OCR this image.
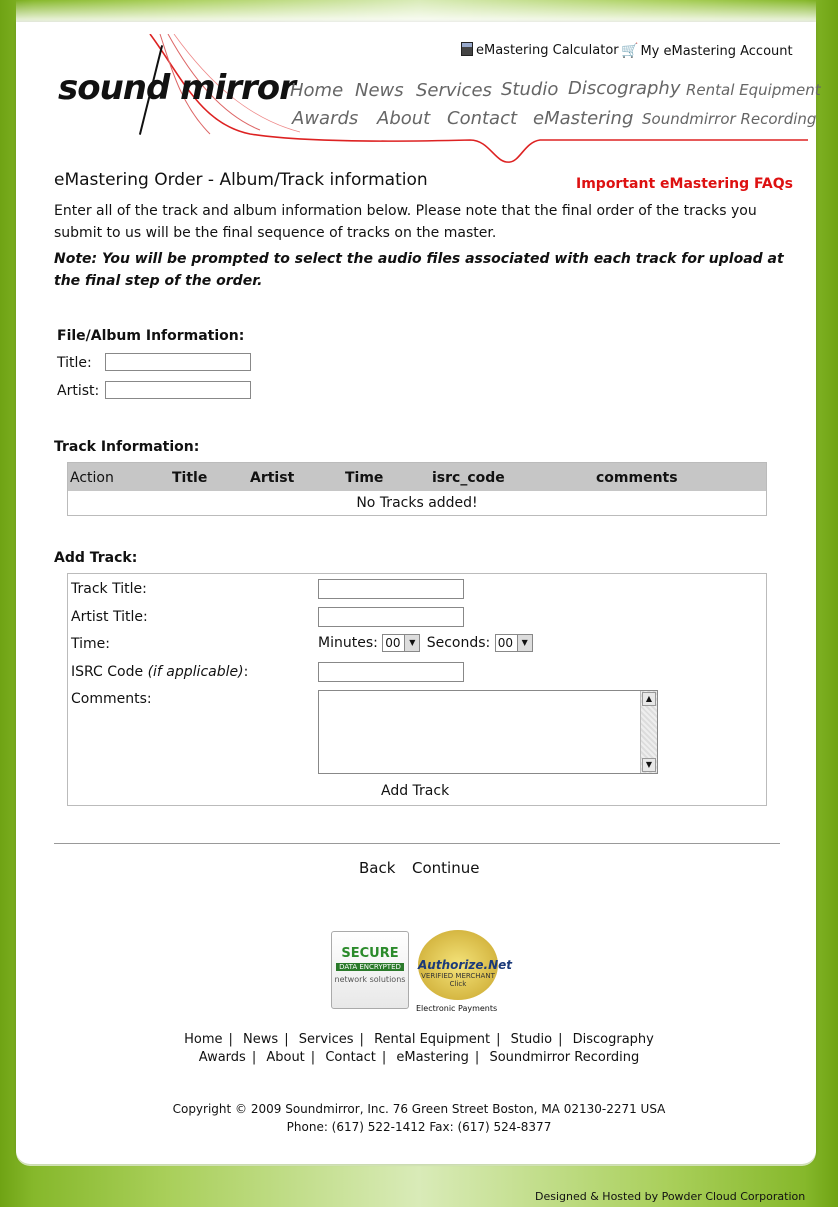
sound mirror
eMastering Calculator 🛒 My eMastering Account
Home News Services Studio Discography Rental Equipment
Awards About Contact eMastering Soundmirror Recording
eMastering Order - Album/Track information	Important eMastering FAQs
Enter all of the track and album information below. Please note that the final order of the tracks you submit to us will be the final sequence of tracks on the master.
Note: You will be prompted to select the audio files associated with each track for upload at the final step of the order.
File/Album Information:
Title:
Artist:
Track Information:
Action	Title	Artist	Time	isrc_code	comments
No Tracks added!
Add Track:
Track Title:
Artist Title:
Time:	Minutes: 00	▼ Seconds: 00	▼
ISRC Code (if applicable):
Comments:	▲
▼
Add Track
Back Continue
SECURE
DATA ENCRYPTED
network solutions
Authorize.Net
VERIFIED MERCHANT Click
Electronic Payments
Home | News | Services | Rental Equipment | Studio | Discography
Awards | About | Contact | eMastering | Soundmirror Recording
Copyright © 2009 Soundmirror, Inc. 76 Green Street Boston, MA 02130-2271 USA
Phone: (617) 522-1412 Fax: (617) 524-8377
Designed & Hosted by Powder Cloud Corporation
